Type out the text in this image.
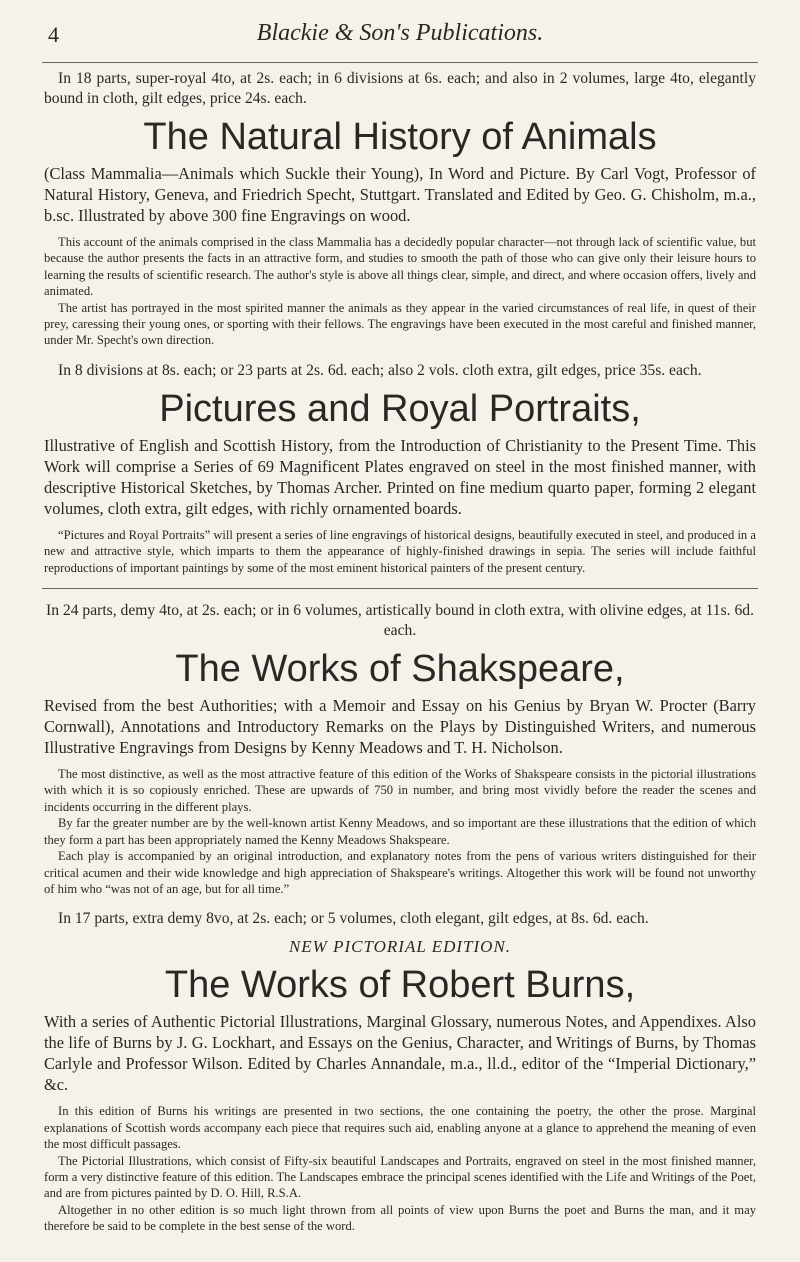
4	Blackie & Son's Publications.

In 18 parts, super-royal 4to, at 2s. each; in 6 divisions at 6s. each; and also in 2 volumes, large 4to, elegantly bound in cloth, gilt edges, price 24s. each.

The Natural History of Animals

(Class Mammalia—Animals which Suckle their Young), In Word and Picture. By Carl Vogt, Professor of Natural History, Geneva, and Friedrich Specht, Stuttgart. Translated and Edited by Geo. G. Chisholm, m.a., b.sc. Illustrated by above 300 fine Engravings on wood.

This account of the animals comprised in the class Mammalia has a decidedly popular character—not through lack of scientific value, but because the author presents the facts in an attractive form, and studies to smooth the path of those who can give only their leisure hours to learning the results of scientific research. The author's style is above all things clear, simple, and direct, and where occasion offers, lively and animated.

The artist has portrayed in the most spirited manner the animals as they appear in the varied circumstances of real life, in quest of their prey, caressing their young ones, or sporting with their fellows. The engravings have been executed in the most careful and finished manner, under Mr. Specht's own direction.

In 8 divisions at 8s. each; or 23 parts at 2s. 6d. each; also 2 vols. cloth extra, gilt edges, price 35s. each.

Pictures and Royal Portraits,

Illustrative of English and Scottish History, from the Introduction of Christianity to the Present Time. This Work will comprise a Series of 69 Magnificent Plates engraved on steel in the most finished manner, with descriptive Historical Sketches, by Thomas Archer. Printed on fine medium quarto paper, forming 2 elegant volumes, cloth extra, gilt edges, with richly ornamented boards.

“Pictures and Royal Portraits” will present a series of line engravings of historical designs, beautifully executed in steel, and produced in a new and attractive style, which imparts to them the appearance of highly-finished drawings in sepia. The series will include faithful reproductions of important paintings by some of the most eminent historical painters of the present century.

In 24 parts, demy 4to, at 2s. each; or in 6 volumes, artistically bound in cloth extra, with olivine edges, at 11s. 6d. each.

The Works of Shakspeare,

Revised from the best Authorities; with a Memoir and Essay on his Genius by Bryan W. Procter (Barry Cornwall), Annotations and Introductory Remarks on the Plays by Distinguished Writers, and numerous Illustrative Engravings from Designs by Kenny Meadows and T. H. Nicholson.

The most distinctive, as well as the most attractive feature of this edition of the Works of Shakspeare consists in the pictorial illustrations with which it is so copiously enriched. These are upwards of 750 in number, and bring most vividly before the reader the scenes and incidents occurring in the different plays.

By far the greater number are by the well-known artist Kenny Meadows, and so important are these illustrations that the edition of which they form a part has been appropriately named the Kenny Meadows Shakspeare.

Each play is accompanied by an original introduction, and explanatory notes from the pens of various writers distinguished for their critical acumen and their wide knowledge and high appreciation of Shakspeare's writings. Altogether this work will be found not unworthy of him who “was not of an age, but for all time.”

In 17 parts, extra demy 8vo, at 2s. each; or 5 volumes, cloth elegant, gilt edges, at 8s. 6d. each.

NEW PICTORIAL EDITION.

The Works of Robert Burns,

With a series of Authentic Pictorial Illustrations, Marginal Glossary, numerous Notes, and Appendixes. Also the life of Burns by J. G. Lockhart, and Essays on the Genius, Character, and Writings of Burns, by Thomas Carlyle and Professor Wilson. Edited by Charles Annandale, m.a., ll.d., editor of the “Imperial Dictionary,” &c.

In this edition of Burns his writings are presented in two sections, the one containing the poetry, the other the prose. Marginal explanations of Scottish words accompany each piece that requires such aid, enabling anyone at a glance to apprehend the meaning of even the most difficult passages.

The Pictorial Illustrations, which consist of Fifty-six beautiful Landscapes and Portraits, engraved on steel in the most finished manner, form a very distinctive feature of this edition. The Landscapes embrace the principal scenes identified with the Life and Writings of the Poet, and are from pictures painted by D. O. Hill, R.S.A.

Altogether in no other edition is so much light thrown from all points of view upon Burns the poet and Burns the man, and it may therefore be said to be complete in the best sense of the word.
